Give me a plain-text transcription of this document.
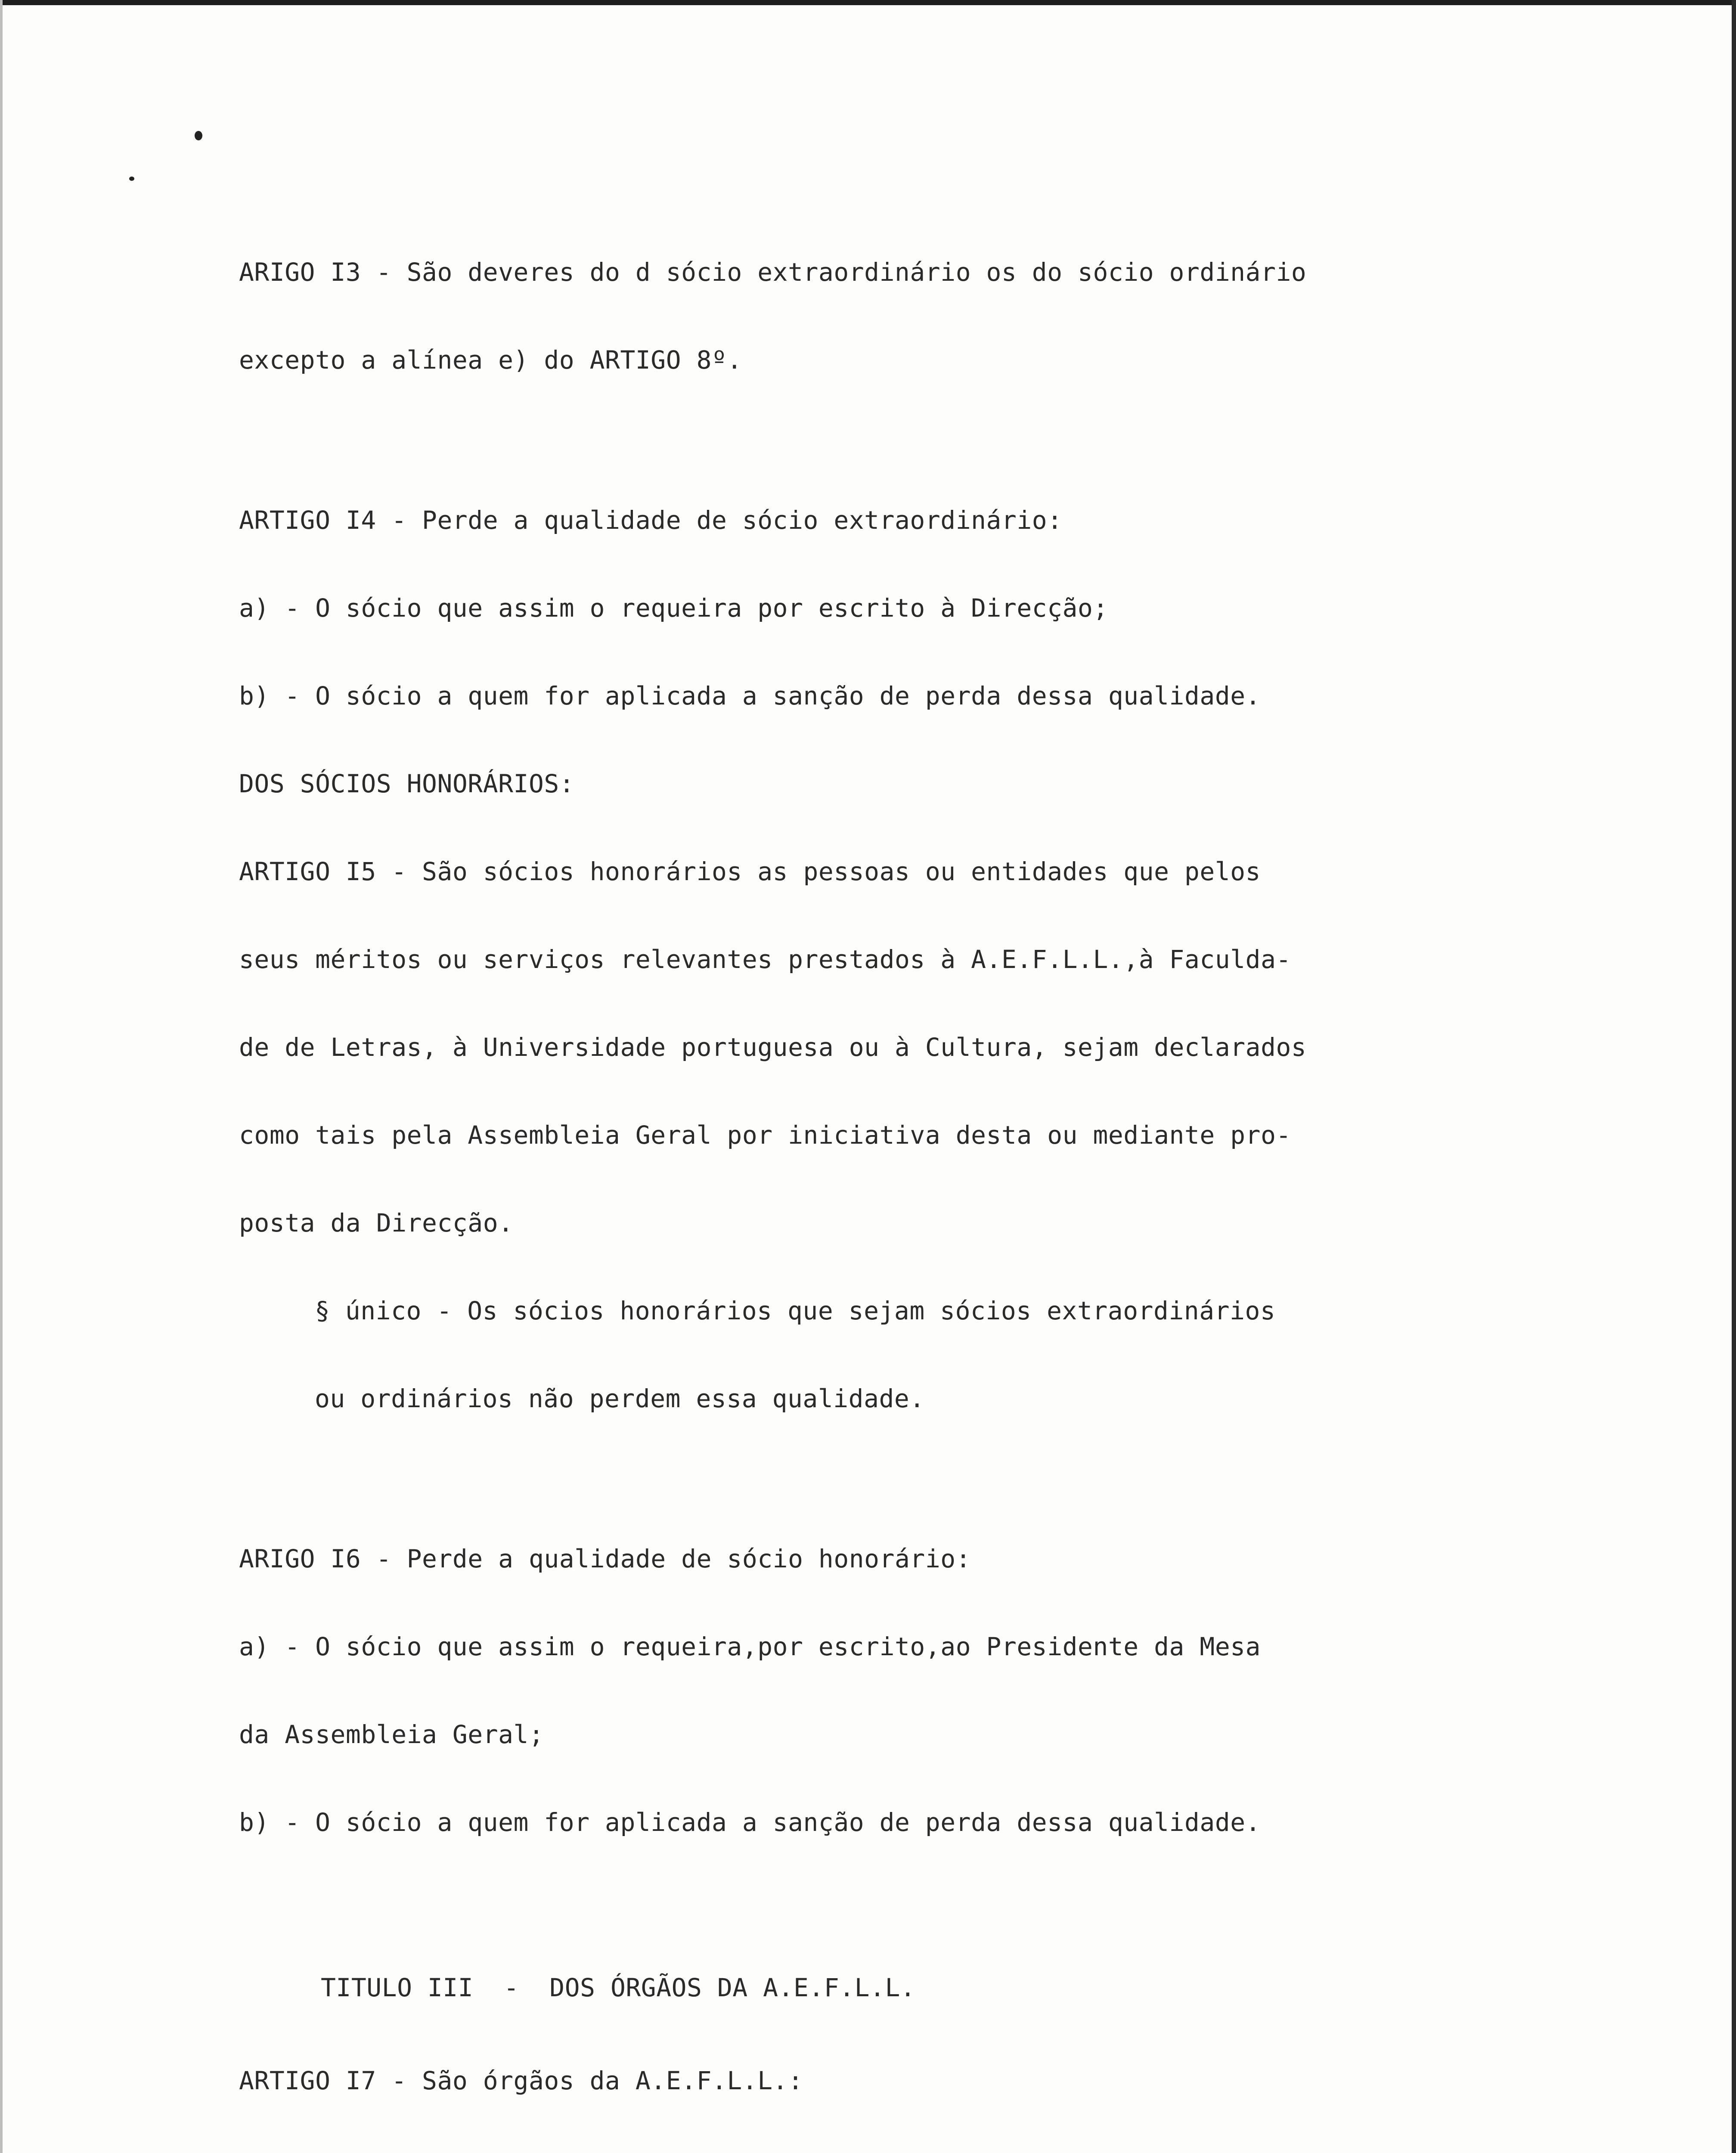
ARIGO I3 - São deveres do d sócio extraordinário os do sócio ordinário

excepto a alínea e) do ARTIGO 8º.

ARTIGO I4 - Perde a qualidade de sócio extraordinário:

a) - O sócio que assim o requeira por escrito à Direcção;

b) - O sócio a quem for aplicada a sanção de perda dessa qualidade.

DOS SÓCIOS HONORÁRIOS:

ARTIGO I5 - São sócios honorários as pessoas ou entidades que pelos

seus méritos ou serviços relevantes prestados à A.E.F.L.L.,à Faculda-

de de Letras, à Universidade portuguesa ou à Cultura, sejam declarados

como tais pela Assembleia Geral por iniciativa desta ou mediante pro-

posta da Direcção.

§ único - Os sócios honorários que sejam sócios extraordinários

ou ordinários não perdem essa qualidade.

ARIGO I6 - Perde a qualidade de sócio honorário:

a) - O sócio que assim o requeira,por escrito,ao Presidente da Mesa

da Assembleia Geral;

b) - O sócio a quem for aplicada a sanção de perda dessa qualidade.

TITULO III  -  DOS ÓRGÃOS DA A.E.F.L.L.

ARTIGO I7 - São órgãos da A.E.F.L.L.:
